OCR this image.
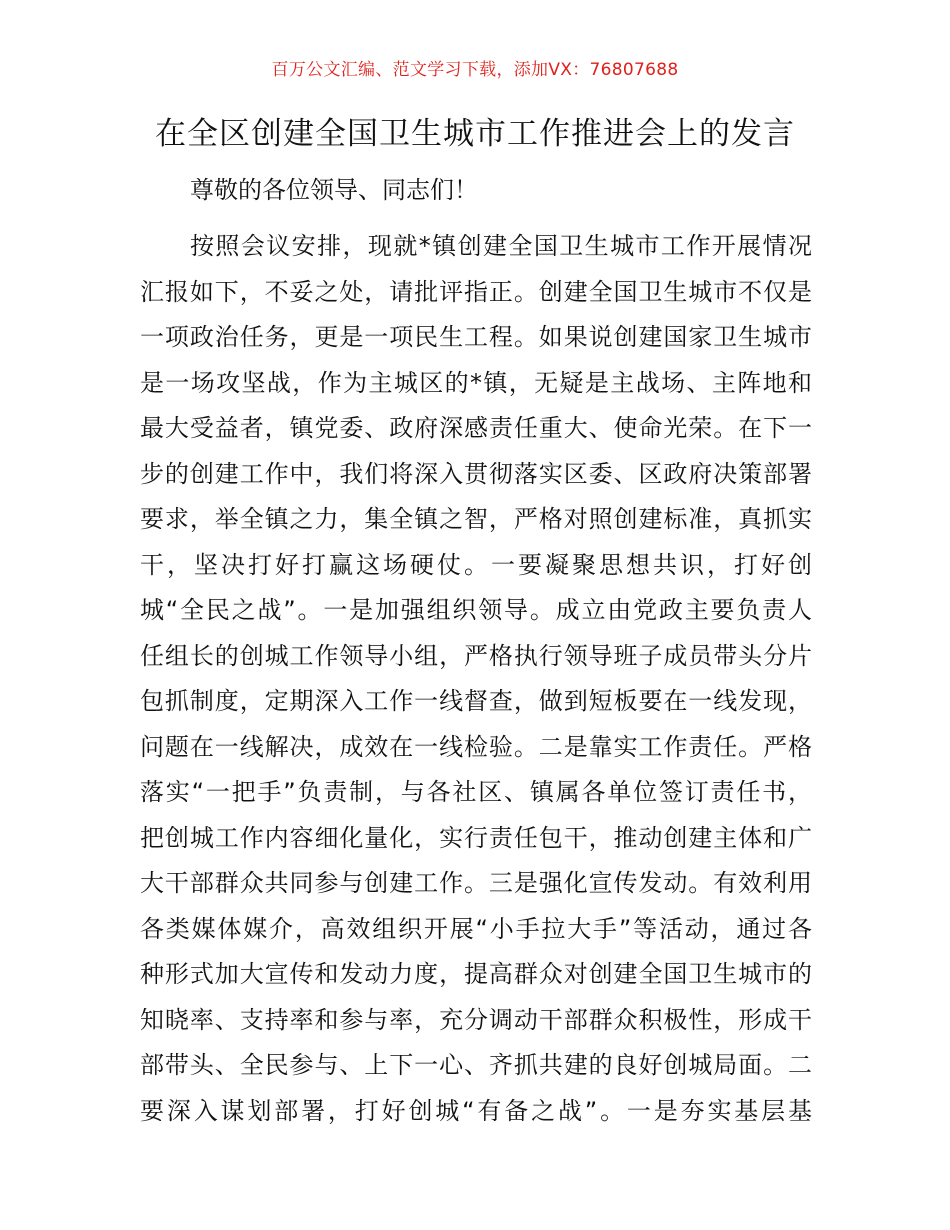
百万公文汇编、范文学习下载，添加VX：76807688
在全区创建全国卫生城市工作推进会上的发言
尊敬的各位领导、同志们！
按照会议安排，现就*镇创建全国卫生城市工作开展情况
汇报如下，不妥之处，请批评指正。创建全国卫生城市不仅是
一项政治任务，更是一项民生工程。如果说创建国家卫生城市
是一场攻坚战，作为主城区的*镇，无疑是主战场、主阵地和
最大受益者，镇党委、政府深感责任重大、使命光荣。在下一
步的创建工作中，我们将深入贯彻落实区委、区政府决策部署
要求，举全镇之力，集全镇之智，严格对照创建标准，真抓实
干，坚决打好打赢这场硬仗。一要凝聚思想共识，打好创
城“全民之战”。一是加强组织领导。成立由党政主要负责人
任组长的创城工作领导小组，严格执行领导班子成员带头分片
包抓制度，定期深入工作一线督查，做到短板要在一线发现，
问题在一线解决，成效在一线检验。二是靠实工作责任。严格
落实“一把手”负责制，与各社区、镇属各单位签订责任书，
把创城工作内容细化量化，实行责任包干，推动创建主体和广
大干部群众共同参与创建工作。三是强化宣传发动。有效利用
各类媒体媒介，高效组织开展“小手拉大手”等活动，通过各
种形式加大宣传和发动力度，提高群众对创建全国卫生城市的
知晓率、支持率和参与率，充分调动干部群众积极性，形成干
部带头、全民参与、上下一心、齐抓共建的良好创城局面。二
要深入谋划部署，打好创城“有备之战”。一是夯实基层基
